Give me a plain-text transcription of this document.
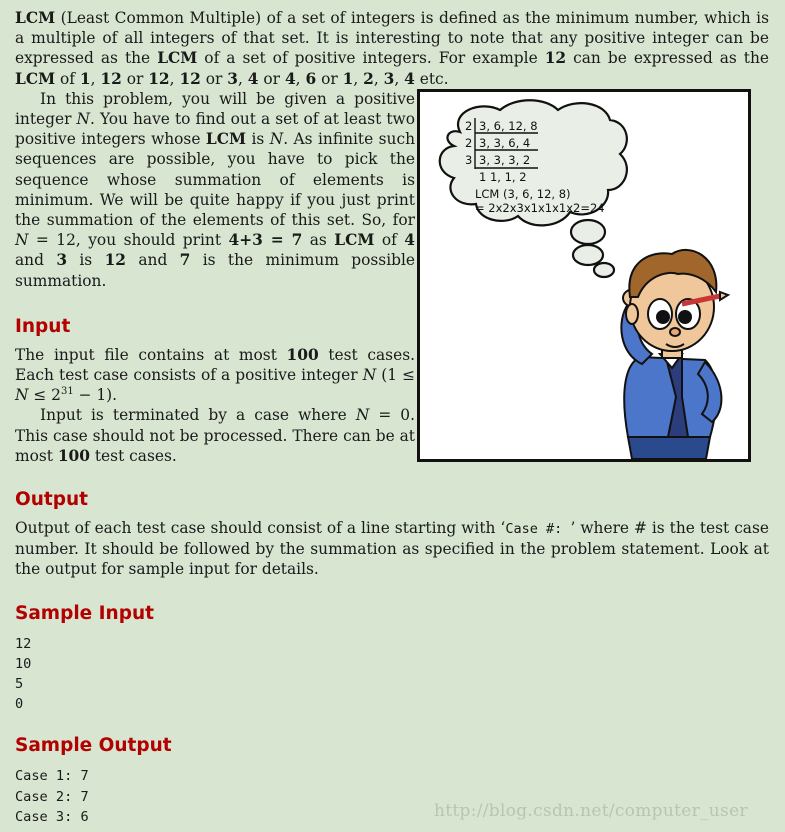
LCM (Least Common Multiple) of a set of integers is defined as the minimum number, which is a multiple of all integers of that set. It is interesting to note that any positive integer can be expressed as the LCM of a set of positive integers. For example 12 can be expressed as the LCM of 1, 12 or 12, 12 or 3, 4 or 4, 6 or 1, 2, 3, 4 etc.

In this problem, you will be given a positive integer N. You have to find out a set of at least two positive integers whose LCM is N. As infinite such sequences are possible, you have to pick the sequence whose summation of elements is minimum. We will be quite happy if you just print the summation of the elements of this set. So, for N = 12, you should print 4+3 = 7 as LCM of 4 and 3 is 12 and 7 is the minimum possible summation.

Input

The input file contains at most 100 test cases. Each test case consists of a positive integer N $(1 \le N \le 2^{31} - 1)$.

Input is terminated by a case where N = 0. This case should not be processed. There can be at most 100 test cases.

Output

Output of each test case should consist of a line starting with ‘Case #: ’ where # is the test case number. It should be followed by the summation as specified in the problem statement. Look at the output for sample input for details.

Sample Input
12
10
5
0
Sample Output
Case 1: 7
Case 2: 7
Case 3: 6
2 3, 6, 12, 8
2 3, 3, 6, 4
3 3, 3, 3, 2
1 1, 1, 2
LCM (3, 6, 12, 8)
= 2x2x3x1x1x1x2=24
http://blog.csdn.net/computer_user
